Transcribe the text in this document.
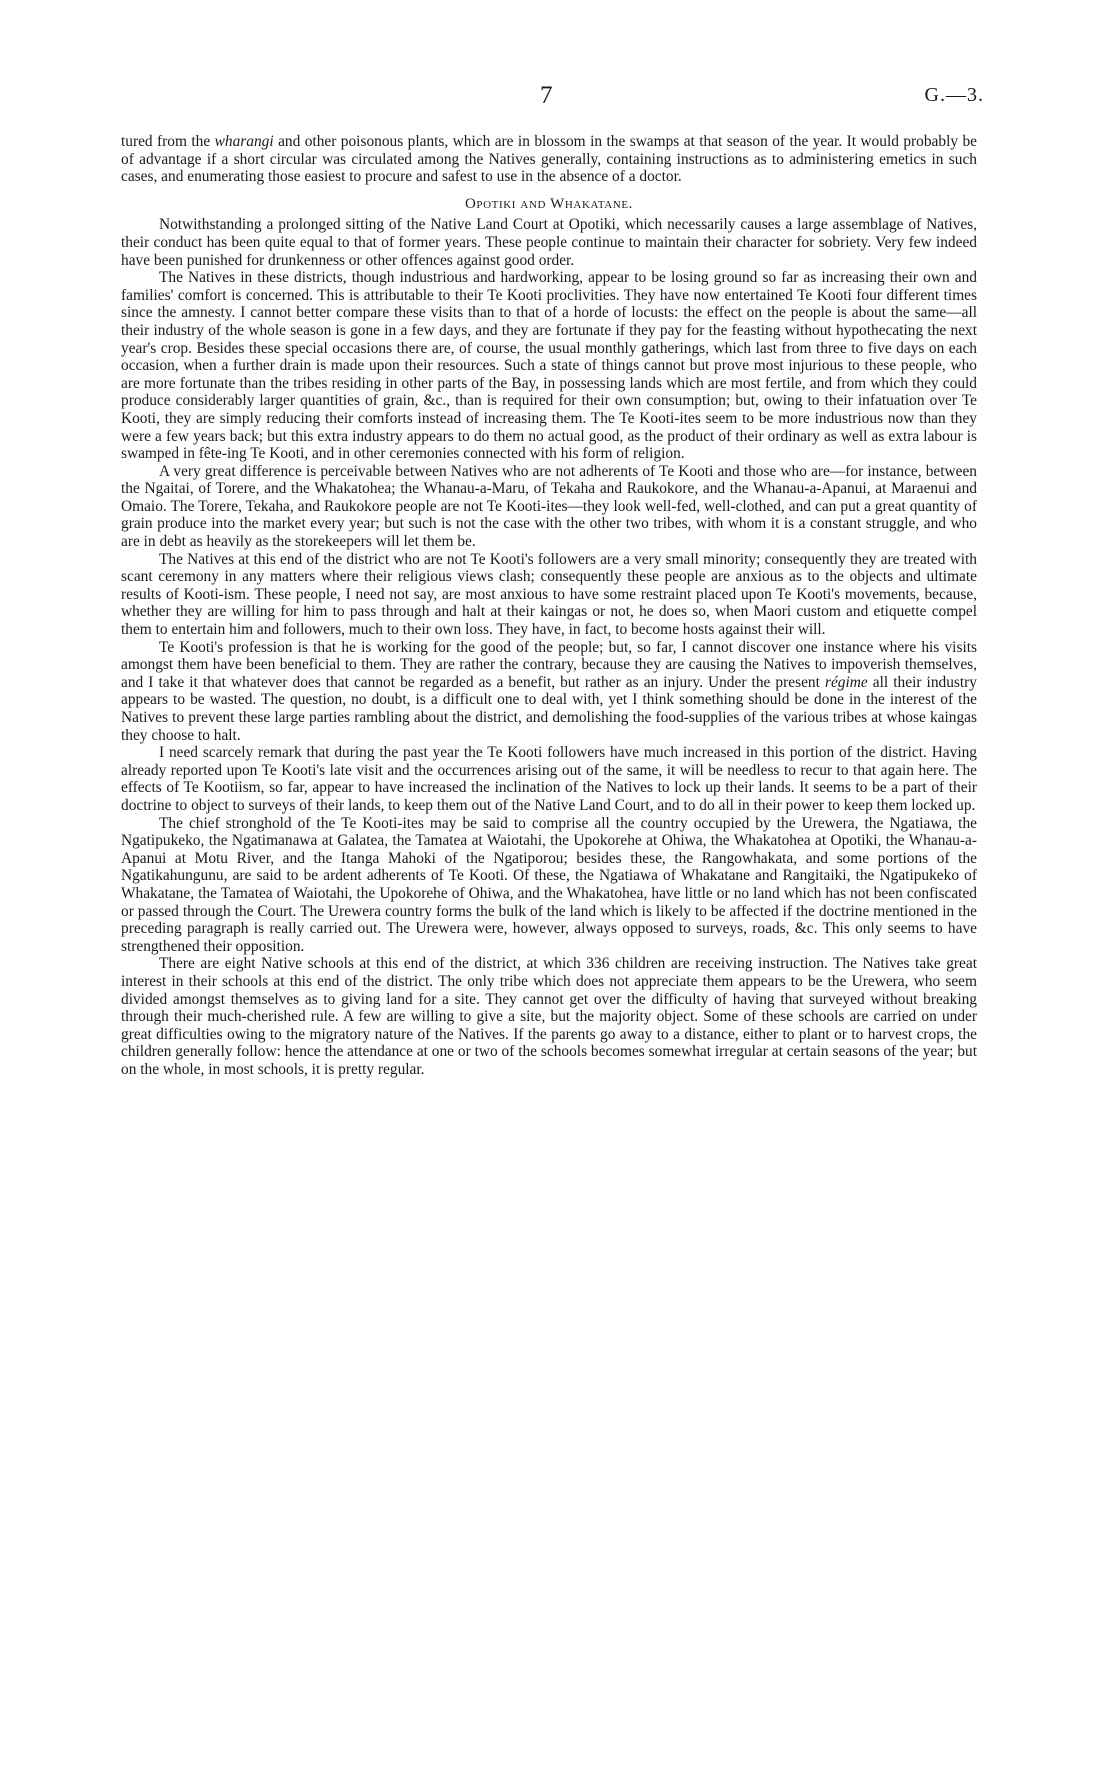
7	G.—3.

tured from the wharangi and other poisonous plants, which are in blossom in the swamps at that season of the year. It would probably be of advantage if a short circular was circulated among the Natives generally, containing instructions as to administering emetics in such cases, and enumerating those easiest to procure and safest to use in the absence of a doctor.

Opotiki and Whakatane.

Notwithstanding a prolonged sitting of the Native Land Court at Opotiki, which necessarily causes a large assemblage of Natives, their conduct has been quite equal to that of former years. These people continue to maintain their character for sobriety. Very few indeed have been punished for drunkenness or other offences against good order.

The Natives in these districts, though industrious and hardworking, appear to be losing ground so far as increasing their own and families' comfort is concerned. This is attributable to their Te Kooti proclivities. They have now entertained Te Kooti four different times since the amnesty. I cannot better compare these visits than to that of a horde of locusts: the effect on the people is about the same—all their industry of the whole season is gone in a few days, and they are fortunate if they pay for the feasting without hypothecating the next year's crop. Besides these special occasions there are, of course, the usual monthly gatherings, which last from three to five days on each occasion, when a further drain is made upon their resources. Such a state of things cannot but prove most injurious to these people, who are more fortunate than the tribes residing in other parts of the Bay, in possessing lands which are most fertile, and from which they could produce considerably larger quantities of grain, &c., than is required for their own consumption; but, owing to their infatuation over Te Kooti, they are simply reducing their comforts instead of increasing them. The Te Kooti-ites seem to be more industrious now than they were a few years back; but this extra industry appears to do them no actual good, as the product of their ordinary as well as extra labour is swamped in fête-ing Te Kooti, and in other ceremonies connected with his form of religion.

A very great difference is perceivable between Natives who are not adherents of Te Kooti and those who are—for instance, between the Ngaitai, of Torere, and the Whakatohea; the Whanau-a-Maru, of Tekaha and Raukokore, and the Whanau-a-Apanui, at Maraenui and Omaio. The Torere, Tekaha, and Raukokore people are not Te Kooti-ites—they look well-fed, well-clothed, and can put a great quantity of grain produce into the market every year; but such is not the case with the other two tribes, with whom it is a constant struggle, and who are in debt as heavily as the storekeepers will let them be.

The Natives at this end of the district who are not Te Kooti's followers are a very small minority; consequently they are treated with scant ceremony in any matters where their religious views clash; consequently these people are anxious as to the objects and ultimate results of Kooti-ism. These people, I need not say, are most anxious to have some restraint placed upon Te Kooti's movements, because, whether they are willing for him to pass through and halt at their kaingas or not, he does so, when Maori custom and etiquette compel them to entertain him and followers, much to their own loss. They have, in fact, to become hosts against their will.

Te Kooti's profession is that he is working for the good of the people; but, so far, I cannot discover one instance where his visits amongst them have been beneficial to them. They are rather the contrary, because they are causing the Natives to impoverish themselves, and I take it that whatever does that cannot be regarded as a benefit, but rather as an injury. Under the present régime all their industry appears to be wasted. The question, no doubt, is a difficult one to deal with, yet I think something should be done in the interest of the Natives to prevent these large parties rambling about the district, and demolishing the food-supplies of the various tribes at whose kaingas they choose to halt.

I need scarcely remark that during the past year the Te Kooti followers have much increased in this portion of the district. Having already reported upon Te Kooti's late visit and the occurrences arising out of the same, it will be needless to recur to that again here. The effects of Te Kootiism, so far, appear to have increased the inclination of the Natives to lock up their lands. It seems to be a part of their doctrine to object to surveys of their lands, to keep them out of the Native Land Court, and to do all in their power to keep them locked up.

The chief stronghold of the Te Kooti-ites may be said to comprise all the country occupied by the Urewera, the Ngatiawa, the Ngatipukeko, the Ngatimanawa at Galatea, the Tamatea at Waiotahi, the Upokorehe at Ohiwa, the Whakatohea at Opotiki, the Whanau-a-Apanui at Motu River, and the Itanga Mahoki of the Ngatiporou; besides these, the Rangowhakata, and some portions of the Ngatikahungunu, are said to be ardent adherents of Te Kooti. Of these, the Ngatiawa of Whakatane and Rangitaiki, the Ngatipukeko of Whakatane, the Tamatea of Waiotahi, the Upokorehe of Ohiwa, and the Whakatohea, have little or no land which has not been confiscated or passed through the Court. The Urewera country forms the bulk of the land which is likely to be affected if the doctrine mentioned in the preceding paragraph is really carried out. The Urewera were, however, always opposed to surveys, roads, &c. This only seems to have strengthened their opposition.

There are eight Native schools at this end of the district, at which 336 children are receiving instruction. The Natives take great interest in their schools at this end of the district. The only tribe which does not appreciate them appears to be the Urewera, who seem divided amongst themselves as to giving land for a site. They cannot get over the difficulty of having that surveyed without breaking through their much-cherished rule. A few are willing to give a site, but the majority object. Some of these schools are carried on under great difficulties owing to the migratory nature of the Natives. If the parents go away to a distance, either to plant or to harvest crops, the children generally follow: hence the attendance at one or two of the schools becomes somewhat irregular at certain seasons of the year; but on the whole, in most schools, it is pretty regular.
